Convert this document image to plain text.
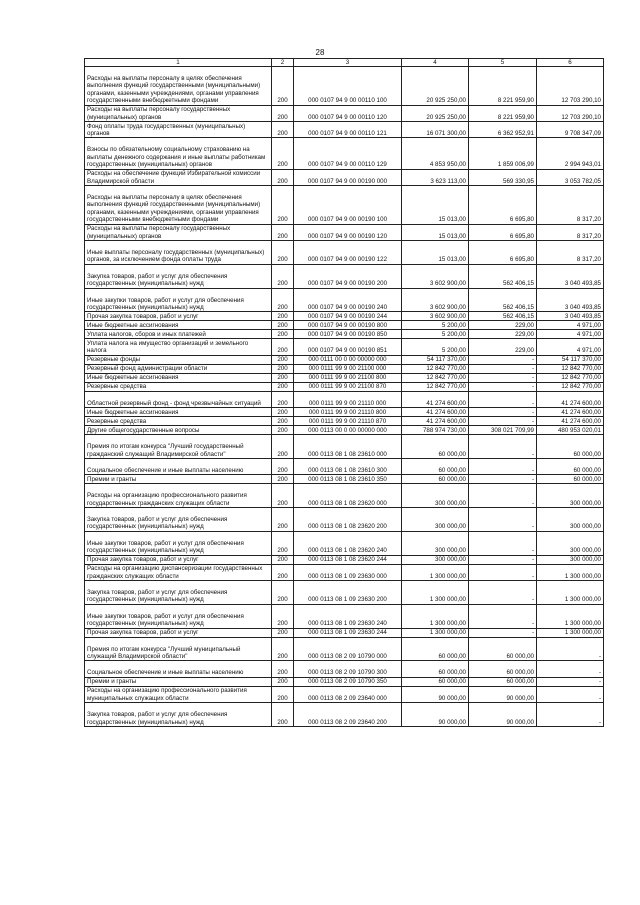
28
1	2	3	4	5	6
Расходы на выплаты персоналу в целях обеспечения выполнения функций государственными (муниципальными) органами, казенными учреждениями, органами управления государственными внебюджетными фондами	200	000 0107 94 9 00 00110 100	20 925 250,00	8 221 959,90	12 703 290,10
Расходы на выплаты персоналу государственных (муниципальных) органов	200	000 0107 94 9 00 00110 120	20 925 250,00	8 221 959,90	12 703 290,10
Фонд оплаты труда государственных (муниципальных) органов	200	000 0107 94 9 00 00110 121	16 071 300,00	6 362 952,91	9 708 347,09
Взносы по обязательному социальному страхованию на выплаты денежного содержания и иные выплаты работникам государственных (муниципальных) органов	200	000 0107 94 9 00 00110 129	4 853 950,00	1 859 006,99	2 994 943,01
Расходы на обеспечение функций Избирательной комиссии Владимирской области	200	000 0107 94 9 00 00190 000	3 623 113,00	569 330,95	3 053 782,05
Расходы на выплаты персоналу в целях обеспечения выполнения функций государственными (муниципальными) органами, казенными учреждениями, органами управления государственными внебюджетными фондами	200	000 0107 94 9 00 00190 100	15 013,00	6 695,80	8 317,20
Расходы на выплаты персоналу государственных (муниципальных) органов	200	000 0107 94 9 00 00190 120	15 013,00	6 695,80	8 317,20
Иные выплаты персоналу государственных (муниципальных) органов, за исключением фонда оплаты труда	200	000 0107 94 9 00 00190 122	15 013,00	6 695,80	8 317,20
Закупка товаров, работ и услуг для обеспечения государственных (муниципальных) нужд	200	000 0107 94 9 00 00190 200	3 602 900,00	562 406,15	3 040 493,85
Иные закупки товаров, работ и услуг для обеспечения государственных (муниципальных) нужд	200	000 0107 94 9 00 00190 240	3 602 900,00	562 406,15	3 040 493,85
Прочая закупка товаров, работ и услуг	200	000 0107 94 9 00 00190 244	3 602 900,00	562 406,15	3 040 493,85
Иные бюджетные ассигнования	200	000 0107 94 9 00 00190 800	5 200,00	229,00	4 971,00
Уплата налогов, сборов и иных платежей	200	000 0107 94 9 00 00190 850	5 200,00	229,00	4 971,00
Уплата налога на имущество организаций и земельного налога	200	000 0107 94 9 00 00190 851	5 200,00	229,00	4 971,00
Резервные фонды	200	000 0111 00 0 00 00000 000	54 117 370,00	-	54 117 370,00
Резервный фонд администрации области	200	000 0111 99 9 00 21100 000	12 842 770,00	-	12 842 770,00
Иные бюджетные ассигнования	200	000 0111 99 9 00 21100 800	12 842 770,00	-	12 842 770,00
Резервные средства	200	000 0111 99 9 00 21100 870	12 842 770,00	-	12 842 770,00
Областной резервный фонд - фонд чрезвычайных ситуаций	200	000 0111 99 9 00 21110 000	41 274 600,00	-	41 274 600,00
Иные бюджетные ассигнования	200	000 0111 99 9 00 21110 800	41 274 600,00	-	41 274 600,00
Резервные средства	200	000 0111 99 9 00 21110 870	41 274 600,00	-	41 274 600,00
Другие общегосударственные вопросы	200	000 0113 00 0 00 00000 000	788 974 730,00	308 021 709,99	480 953 020,01
Премия по итогам конкурса "Лучший государственный гражданский служащий Владимирской области"	200	000 0113 08 1 08 23610 000	60 000,00	-	60 000,00
Социальное обеспечение и иные выплаты населению	200	000 0113 08 1 08 23610 300	60 000,00	-	60 000,00
Премии и гранты	200	000 0113 08 1 08 23610 350	60 000,00	-	60 000,00
Расходы на организацию профессионального развития государственных гражданских служащих области	200	000 0113 08 1 08 23620 000	300 000,00	-	300 000,00
Закупка товаров, работ и услуг для обеспечения государственных (муниципальных) нужд	200	000 0113 08 1 08 23620 200	300 000,00	-	300 000,00
Иные закупки товаров, работ и услуг для обеспечения государственных (муниципальных) нужд	200	000 0113 08 1 08 23620 240	300 000,00	-	300 000,00
Прочая закупка товаров, работ и услуг	200	000 0113 08 1 08 23620 244	300 000,00	-	300 000,00
Расходы на организацию диспансеризации государственных гражданских служащих области	200	000 0113 08 1 09 23630 000	1 300 000,00	-	1 300 000,00
Закупка товаров, работ и услуг для обеспечения государственных (муниципальных) нужд	200	000 0113 08 1 09 23630 200	1 300 000,00	-	1 300 000,00
Иные закупки товаров, работ и услуг для обеспечения государственных (муниципальных) нужд	200	000 0113 08 1 09 23630 240	1 300 000,00	-	1 300 000,00
Прочая закупка товаров, работ и услуг	200	000 0113 08 1 09 23630 244	1 300 000,00	-	1 300 000,00
Премия по итогам конкурса "Лучший муниципальный служащий Владимирской области"	200	000 0113 08 2 09 10790 000	60 000,00	60 000,00	-
Социальное обеспечение и иные выплаты населению	200	000 0113 08 2 09 10790 300	60 000,00	60 000,00	-
Премии и гранты	200	000 0113 08 2 09 10790 350	60 000,00	60 000,00	-
Расходы на организацию профессионального развития муниципальных служащих области	200	000 0113 08 2 09 23640 000	90 000,00	90 000,00	-
Закупка товаров, работ и услуг для обеспечения государственных (муниципальных) нужд	200	000 0113 08 2 09 23640 200	90 000,00	90 000,00	-
